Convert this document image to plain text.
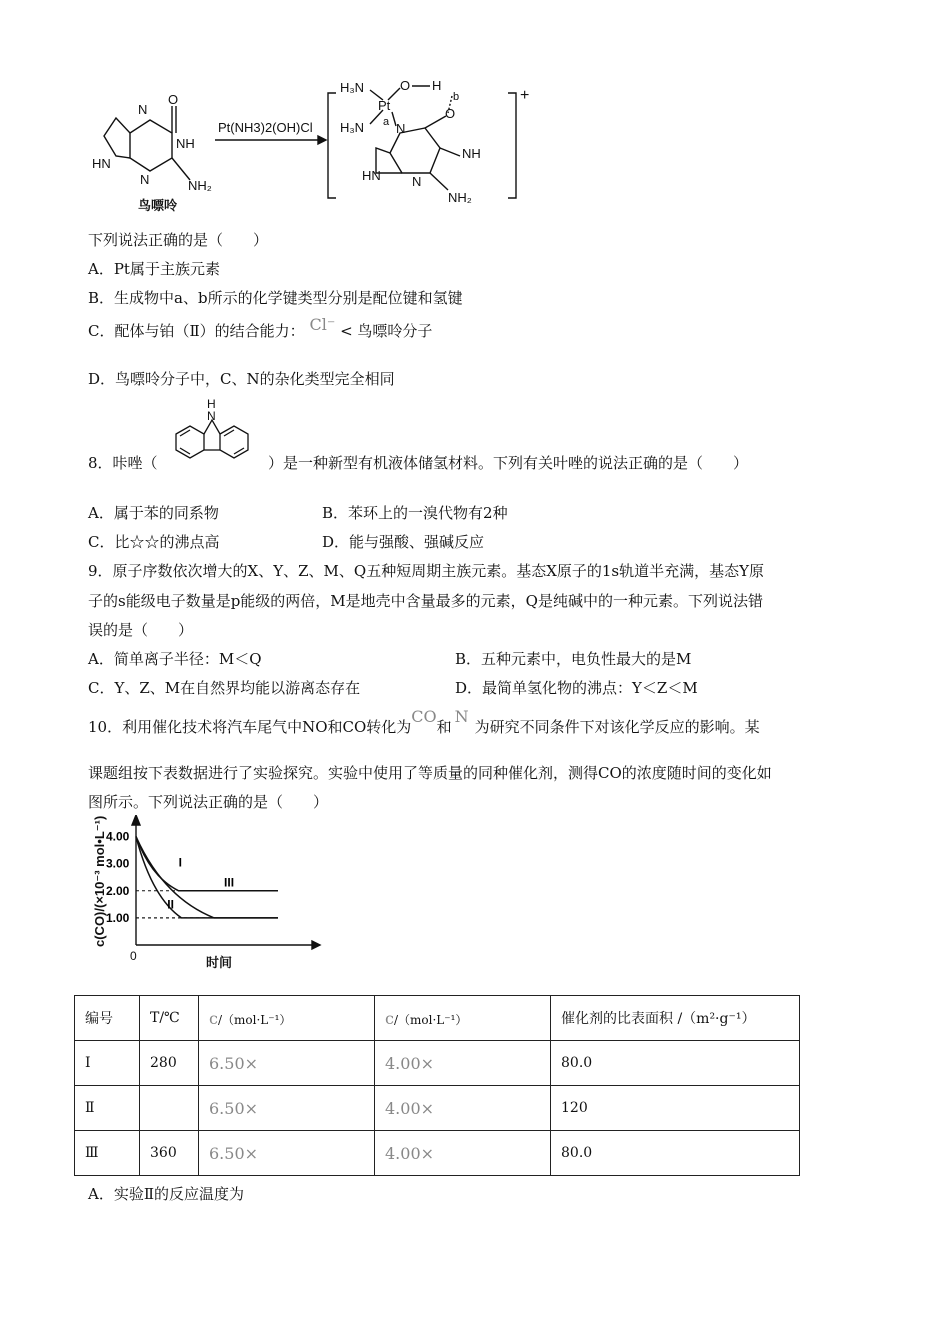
O
NH
HN
N	NH₂
N
鸟嘌呤
Pt(NH3)2(OH)Cl
H₃N
H₃N
Pt
O H
b
a N
O
NH
HN N
NH₂
+
下列说法正确的是（　　）
A．Pt属于主族元素
B．生成物中a、b所示的化学键类型分别是配位键和氢键
C．配体与铂（Ⅱ）的结合能力： Cl⁻ < 鸟嘌呤分子
D．鸟嘌呤分子中，C、N的杂化类型完全相同
8．咔唑（
H
N
）是一种新型有机液体储氢材料。下列有关叶唑的说法正确的是（　　）
A．属于苯的同系物	B．苯环上的一溴代物有2种
C．比☆☆的沸点高	D．能与强酸、强碱反应
9．原子序数依次增大的X、Y、Z、M、Q五种短周期主族元素。基态X原子的1s轨道半充满，基态Y原
子的s能级电子数量是p能级的两倍，M是地壳中含量最多的元素，Q是纯碱中的一种元素。下列说法错
误的是（　　）
A．简单离子半径：M＜Q	B．五种元素中，电负性最大的是M
C．Y、Z、M在自然界均能以游离态存在	D．最简单氢化物的沸点：Y＜Z＜M
10．利用催化技术将汽车尾气中NO和CO转化为CO和N为研究不同条件下对该化学反应的影响。某
课题组按下表数据进行了实验探究。实验中使用了等质量的同种催化剂，测得CO的浓度随时间的变化如
图所示。下列说法正确的是（　　）
c(CO)/(×10⁻³ mol•L⁻¹)
时间
0
4.00
3.00
2.00
1.00
I
II
III
编号	T/℃	c/（mol·L⁻¹）	c/（mol·L⁻¹）	催化剂的比表面积 /（m²·g⁻¹）
Ⅰ	280	6.50×	4.00×	80.0
Ⅱ		6.50×	4.00×	120
Ⅲ	360	6.50×	4.00×	80.0
A．实验Ⅱ的反应温度为
